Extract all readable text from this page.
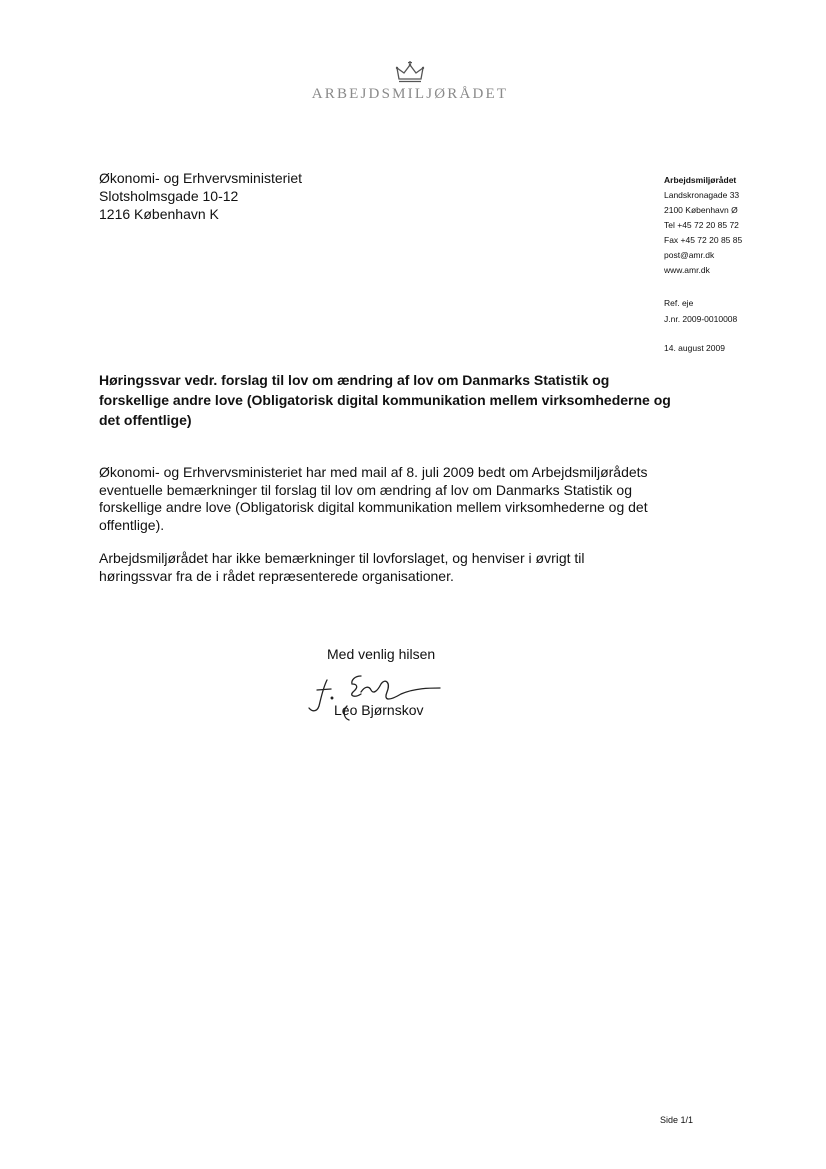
ARBEJDSMILJØRÅDET
Økonomi- og Erhvervsministeriet
Slotsholmsgade 10-12
1216 København K
Arbejdsmiljørådet
Landskronagade 33
2100 København Ø
Tel +45 72 20 85 72
Fax +45 72 20 85 85
post@amr.dk
www.amr.dk
Ref. eje
J.nr. 2009-0010008
14. august 2009
Høringssvar vedr. forslag til lov om ændring af lov om Danmarks Statistik og forskellige andre love (Obligatorisk digital kommunikation mellem virksomhederne og det offentlige)

Økonomi- og Erhvervsministeriet har med mail af 8. juli 2009 bedt om Arbejdsmiljørådets eventuelle bemærkninger til forslag til lov om ændring af lov om Danmarks Statistik og forskellige andre love (Obligatorisk digital kommunikation mellem virksomhederne og det offentlige).

Arbejdsmiljørådet har ikke bemærkninger til lovforslaget, og henviser i øvrigt til høringssvar fra de i rådet repræsenterede organisationer.

Med venlig hilsen
Leo Bjørnskov
Side 1/1
